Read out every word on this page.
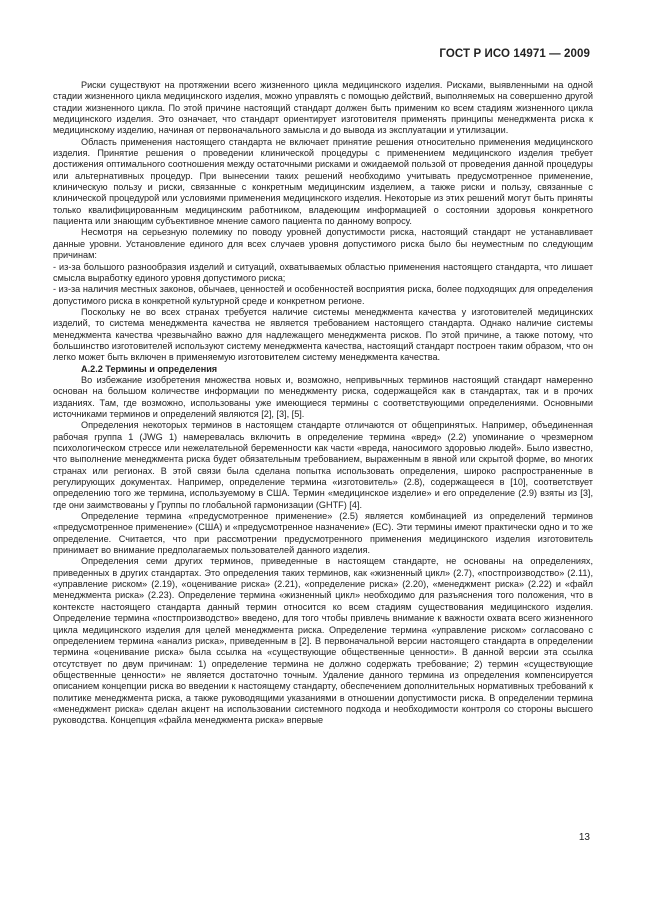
ГОСТ Р ИСО 14971 — 2009

Риски существуют на протяжении всего жизненного цикла медицинского изделия. Рисками, выявленными на одной стадии жизненного цикла медицинского изделия, можно управлять с помощью действий, выполняемых на совершенно другой стадии жизненного цикла. По этой причине настоящий стандарт должен быть применим ко всем стадиям жизненного цикла медицинского изделия. Это означает, что стандарт ориентирует изготовителя применять принципы менеджмента риска к медицинскому изделию, начиная от первоначального замысла и до вывода из эксплуатации и утилизации.

Область применения настоящего стандарта не включает принятие решения относительно применения медицинского изделия. Принятие решения о проведении клинической процедуры с применением медицинского изделия требует достижения оптимального соотношения между остаточными рисками и ожидаемой пользой от проведения данной процедуры или альтернативных процедур. При вынесении таких решений необходимо учитывать предусмотренное применение, клиническую пользу и риски, связанные с конкретным медицинским изделием, а также риски и пользу, связанные с клинической процедурой или условиями применения медицинского изделия. Некоторые из этих решений могут быть приняты только квалифицированным медицинским работником, владеющим информацией о состоянии здоровья конкретного пациента или знающим субъективное мнение самого пациента по данному вопросу.

Несмотря на серьезную полемику по поводу уровней допустимости риска, настоящий стандарт не устанавливает данные уровни. Установление единого для всех случаев уровня допустимого риска было бы неуместным по следующим причинам:

- из-за большого разнообразия изделий и ситуаций, охватываемых областью применения настоящего стандарта, что лишает смысла выработку единого уровня допустимого риска;

- из-за наличия местных законов, обычаев, ценностей и особенностей восприятия риска, более подходящих для определения допустимого риска в конкретной культурной среде и конкретном регионе.

Поскольку не во всех странах требуется наличие системы менеджмента качества у изготовителей медицинских изделий, то система менеджмента качества не является требованием настоящего стандарта. Однако наличие системы менеджмента качества чрезвычайно важно для надлежащего менеджмента рисков. По этой причине, а также потому, что большинство изготовителей используют систему менеджмента качества, настоящий стандарт построен таким образом, что он легко может быть включен в применяемую изготовителем систему менеджмента качества.

А.2.2 Термины и определения

Во избежание изобретения множества новых и, возможно, непривычных терминов настоящий стандарт намеренно основан на большом количестве информации по менеджменту риска, содержащейся как в стандартах, так и в прочих изданиях. Там, где возможно, использованы уже имеющиеся термины с соответствующими определениями. Основными источниками терминов и определений являются [2], [3], [5].

Определения некоторых терминов в настоящем стандарте отличаются от общепринятых. Например, объединенная рабочая группа 1 (JWG 1) намеревалась включить в определение термина «вред» (2.2) упоминание о чрезмерном психологическом стрессе или нежелательной беременности как части «вреда, наносимого здоровью людей». Было известно, что выполнение менеджмента риска будет обязательным требованием, выраженным в явной или скрытой форме, во многих странах или регионах. В этой связи была сделана попытка использовать определения, широко распространенные в регулирующих документах. Например, определение термина «изготовитель» (2.8), содержащееся в [10], соответствует определению того же термина, используемому в США. Термин «медицинское изделие» и его определение (2.9) взяты из [3], где они заимствованы у Группы по глобальной гармонизации (GHTF) [4].

Определение термина «предусмотренное применение» (2.5) является комбинацией из определений терминов «предусмотренное применение» (США) и «предусмотренное назначение» (ЕС). Эти термины имеют практически одно и то же определение. Считается, что при рассмотрении предусмотренного применения медицинского изделия изготовитель принимает во внимание предполагаемых пользователей данного изделия.

Определения семи других терминов, приведенные в настоящем стандарте, не основаны на определениях, приведенных в других стандартах. Это определения таких терминов, как «жизненный цикл» (2.7), «постпроизводство» (2.11), «управление риском» (2.19), «оценивание риска» (2.21), «определение риска» (2.20), «менеджмент риска» (2.22) и «файл менеджмента риска» (2.23). Определение термина «жизненный цикл» необходимо для разъяснения того положения, что в контексте настоящего стандарта данный термин относится ко всем стадиям существования медицинского изделия. Определение термина «постпроизводство» введено, для того чтобы привлечь внимание к важности охвата всего жизненного цикла медицинского изделия для целей менеджмента риска. Определение термина «управление риском» согласовано с определением термина «анализ риска», приведенным в [2]. В первоначальной версии настоящего стандарта в определении термина «оценивание риска» была ссылка на «существующие общественные ценности». В данной версии эта ссылка отсутствует по двум причинам: 1) определение термина не должно содержать требование; 2) термин «существующие общественные ценности» не является достаточно точным. Удаление данного термина из определения компенсируется описанием концепции риска во введении к настоящему стандарту, обеспечением дополнительных нормативных требований к политике менеджмента риска, а также руководящими указаниями в отношении допустимости риска. В определении термина «менеджмент риска» сделан акцент на использовании системного подхода и необходимости контроля со стороны высшего руководства. Концепция «файла менеджмента риска» впервые

13
